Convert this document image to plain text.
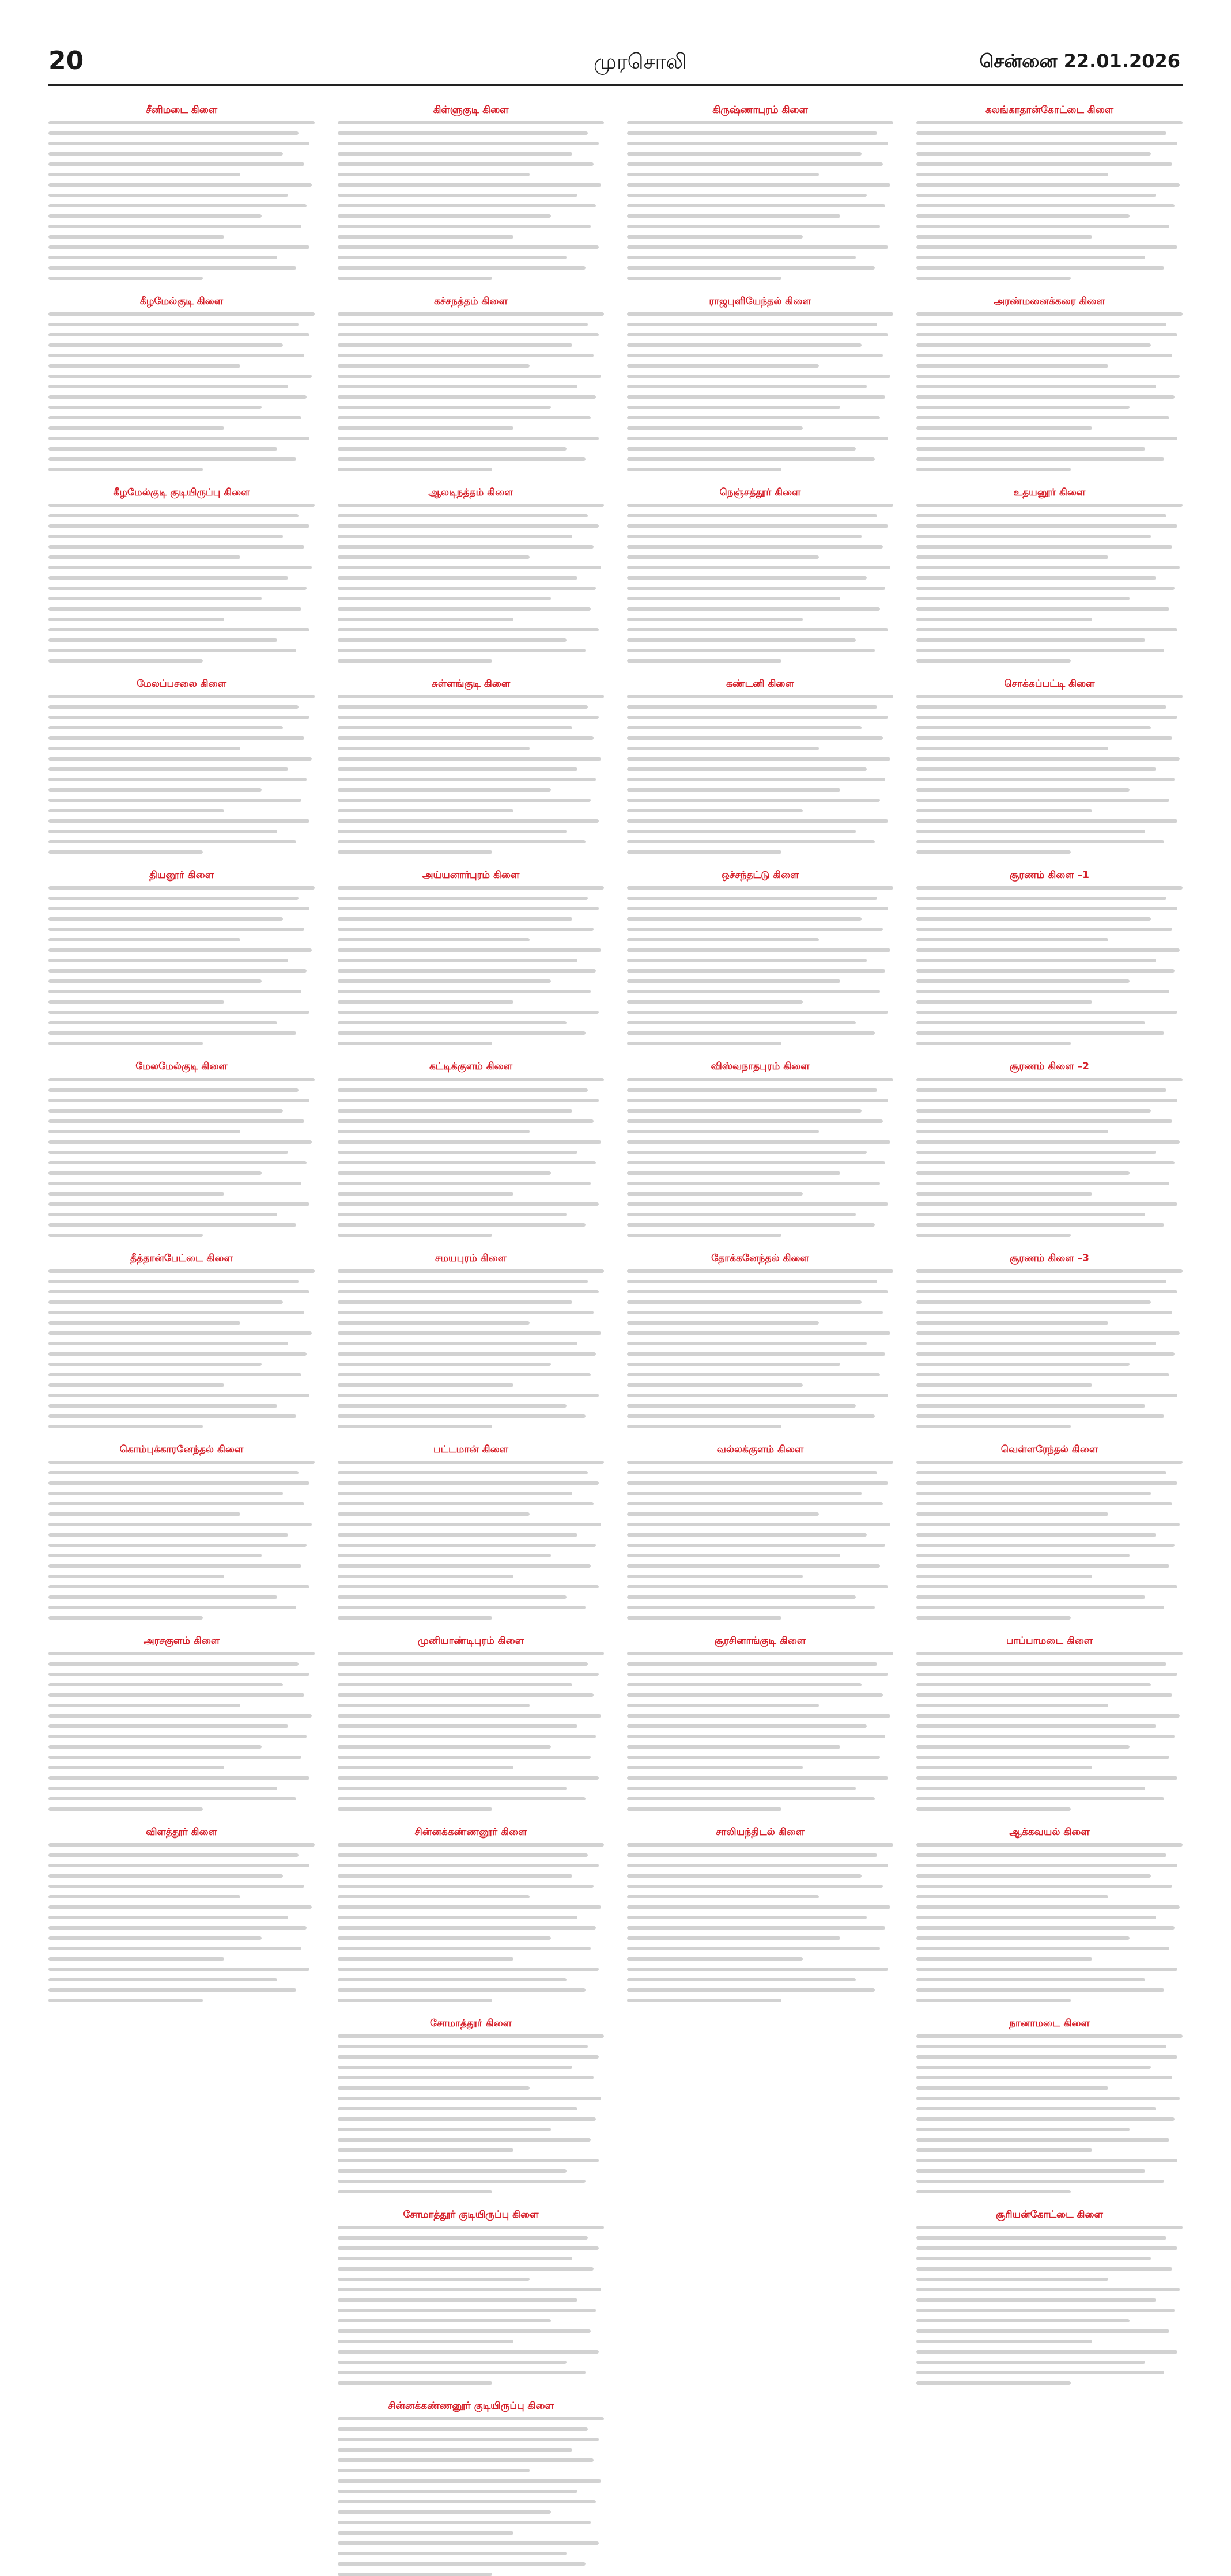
20	முரசொலி	சென்னை 22.01.2026
சீனிமடை கிளை
கீழமேல்குடி கிளை
கீழமேல்குடி குடியிருப்பு கிளை
மேலப்பசலை கிளை
தியனூர் கிளை
மேலமேல்குடி கிளை
தீத்தான்பேட்டை கிளை
கொம்புக்காரனேந்தல் கிளை
அரசகுளம் கிளை
விளத்தூர் கிளை
கிள்ளுகுடி கிளை
கச்சநத்தம் கிளை
ஆலடிநத்தம் கிளை
சுள்ளங்குடி கிளை
அய்யனார்புரம் கிளை
கட்டிக்குளம் கிளை
சமயபுரம் கிளை
பட்டமான் கிளை
முனியாண்டிபுரம் கிளை
சின்னக்கண்ணனூர் கிளை
சோமாத்தூர் கிளை
சோமாத்தூர் குடியிருப்பு கிளை
சின்னக்கண்ணனூர் குடியிருப்பு கிளை
கிருஷ்ணாபுரம் கிளை
ராஜபுளியேந்தல் கிளை
நெஞ்சத்தூர் கிளை
கண்டனி கிளை
ஒச்சந்தட்டு கிளை
விஸ்வநாதபுரம் கிளை
தோக்கனேந்தல் கிளை
வல்லக்குளம் கிளை
சூரசினாங்குடி கிளை
சாலியந்திடல் கிளை
கலங்காதான்கோட்டை கிளை
அரண்மனைக்கரை கிளை
உதயனூர் கிளை
சொக்கப்பட்டி கிளை
சூரணம் கிளை –1
சூரணம் கிளை –2
சூரணம் கிளை –3
வெள்ளரேந்தல் கிளை
பாப்பாமடை கிளை
ஆக்கவயல் கிளை
நானாமடை கிளை
சூரியன்கோட்டை கிளை
